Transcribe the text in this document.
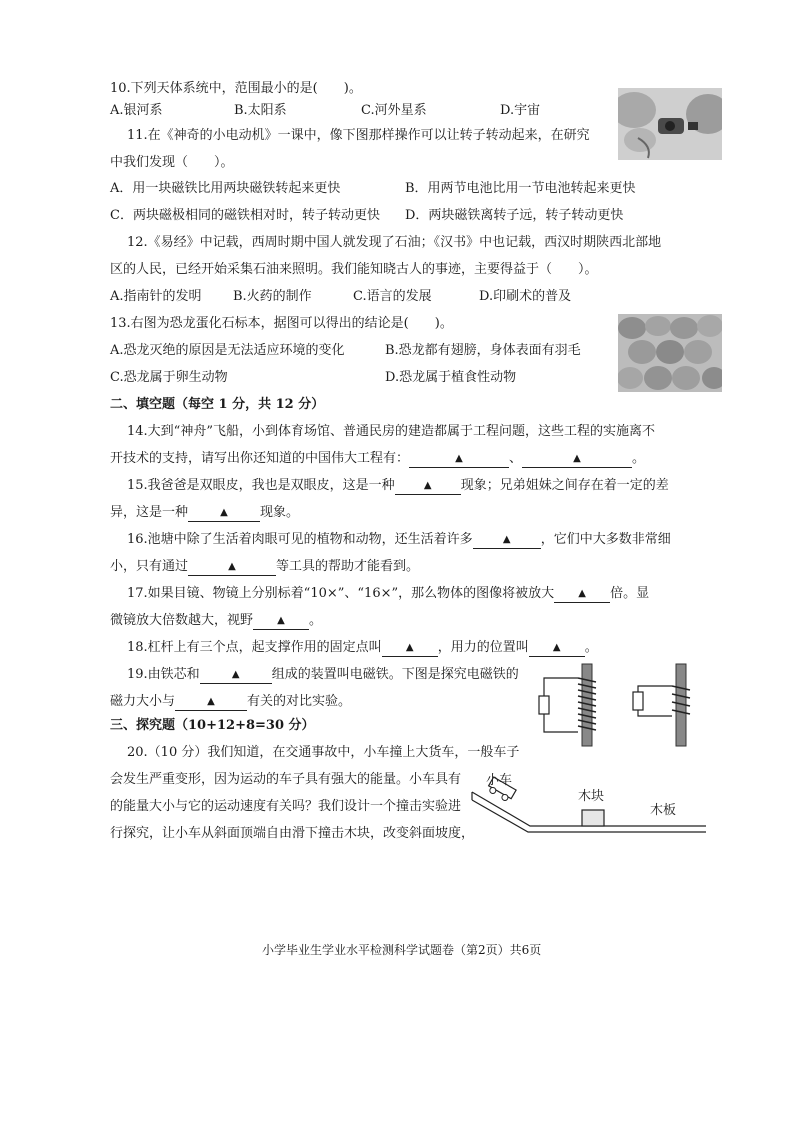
10.下列天体系统中，范围最小的是(　　)。
A.银河系	B.太阳系	C.河外星系	D.宇宙
11.在《神奇的小电动机》一课中，像下图那样操作可以让转子转动起来，在研究
中我们发现（　　）。
A．用一块磁铁比用两块磁铁转起来更快	B．用两节电池比用一节电池转起来更快
C．两块磁极相同的磁铁相对时，转子转动更快 D．两块磁铁离转子远，转子转动更快
12.《易经》中记载，西周时期中国人就发现了石油；《汉书》中也记载，西汉时期陕西北部地
区的人民，已经开始采集石油来照明。我们能知晓古人的事迹，主要得益于（　　）。
A.指南针的发明 B.火药的制作	C.语言的发展	D.印刷术的普及
13.右图为恐龙蛋化石标本，据图可以得出的结论是(　　)。
A.恐龙灭绝的原因是无法适应环境的变化	B.恐龙都有翅膀，身体表面有羽毛
C.恐龙属于卵生动物	D.恐龙属于植食性动物
二、填空题（每空 1 分，共 12 分）
14.大到“神舟”飞船，小到体育场馆、普通民房的建造都属于工程问题，这些工程的实施离不
开技术的支持，请写出你还知道的中国伟大工程有：	▲	、	▲	。
15.我爸爸是双眼皮，我也是双眼皮，这是一种	▲ 现象；兄弟姐妹之间存在着一定的差
异，这是一种	▲ 现象。
16.池塘中除了生活着肉眼可见的植物和动物，还生活着许多	▲ ，它们中大多数非常细
小，只有通过	▲	等工具的帮助才能看到。
17.如果目镜、物镜上分别标着“10×”、“16×”，那么物体的图像将被放大 ▲ 倍。显
微镜放大倍数越大，视野 ▲ 。
18.杠杆上有三个点，起支撑作用的固定点叫 ▲ ，用力的位置叫 ▲ 。
19.由铁芯和	▲ 组成的装置叫电磁铁。下图是探究电磁铁的
磁力大小与	▲ 有关的对比实验。
三、探究题（10+12+8=30 分）
20.（10 分）我们知道，在交通事故中，小车撞上大货车，一般车子
会发生严重变形，因为运动的车子具有强大的能量。小车具有
的能量大小与它的运动速度有关吗？我们设计一个撞击实验进
行探究，让小车从斜面顶端自由滑下撞击木块，改变斜面坡度，
小车
木块
木板
小学毕业生学业水平检测科学试题卷（第2页）共6页
